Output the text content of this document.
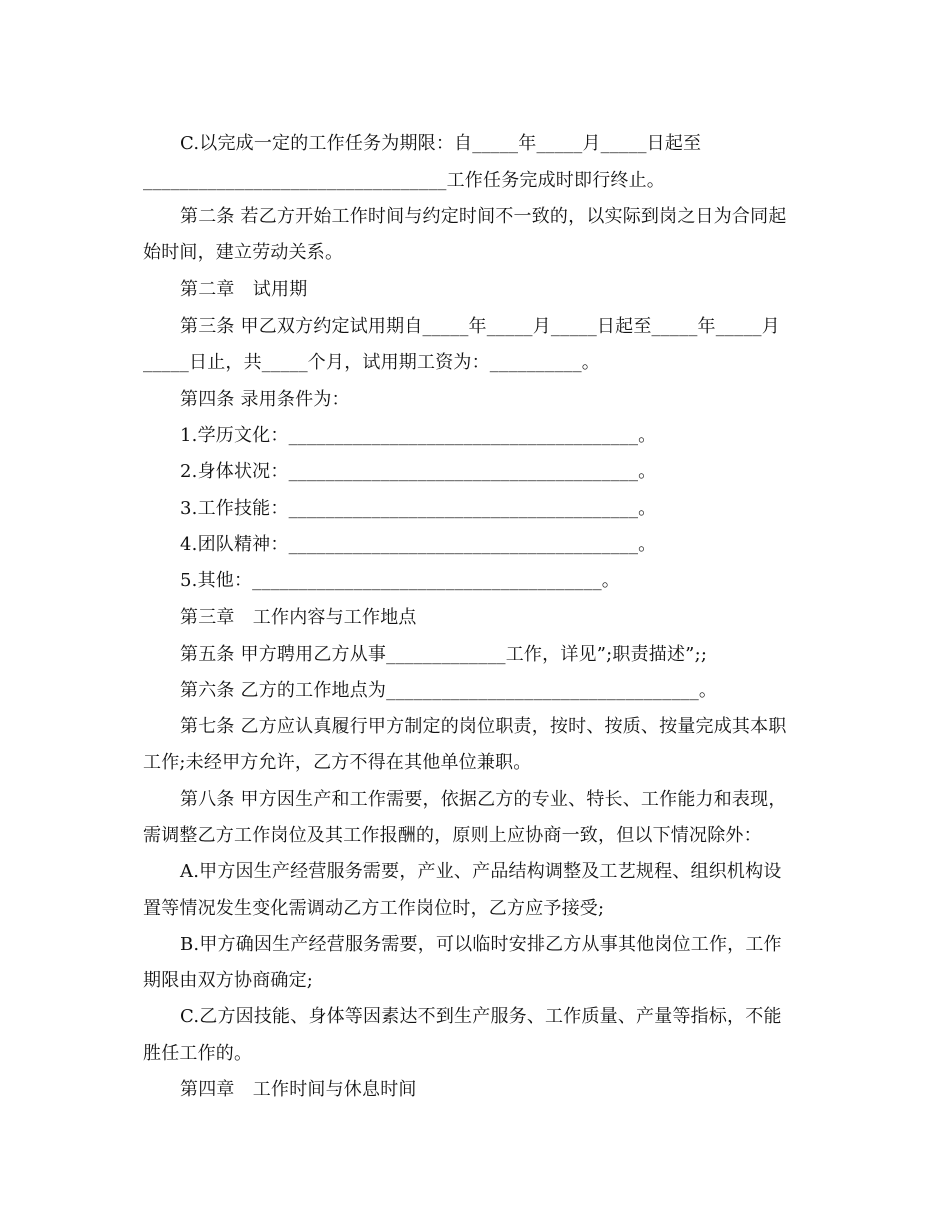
C.以完成一定的工作任务为期限：自_____年_____月_____日起至
_________________________________工作任务完成时即行终止。
第二条 若乙方开始工作时间与约定时间不一致的，以实际到岗之日为合同起
始时间，建立劳动关系。
第二章　试用期
第三条 甲乙双方约定试用期自_____年_____月_____日起至_____年_____月
_____日止，共_____个月，试用期工资为：__________。
第四条 录用条件为：
1.学历文化：______________________________________。
2.身体状况：______________________________________。
3.工作技能：______________________________________。
4.团队精神：______________________________________。
5.其他：______________________________________。
第三章　工作内容与工作地点
第五条 甲方聘用乙方从事_____________工作，详见”;职责描述”;;
第六条 乙方的工作地点为__________________________________。
第七条 乙方应认真履行甲方制定的岗位职责，按时、按质、按量完成其本职
工作;未经甲方允许，乙方不得在其他单位兼职。
第八条 甲方因生产和工作需要，依据乙方的专业、特长、工作能力和表现，
需调整乙方工作岗位及其工作报酬的，原则上应协商一致，但以下情况除外：
A.甲方因生产经营服务需要，产业、产品结构调整及工艺规程、组织机构设
置等情况发生变化需调动乙方工作岗位时，乙方应予接受;
B.甲方确因生产经营服务需要，可以临时安排乙方从事其他岗位工作，工作
期限由双方协商确定;
C.乙方因技能、身体等因素达不到生产服务、工作质量、产量等指标，不能
胜任工作的。
第四章　工作时间与休息时间
